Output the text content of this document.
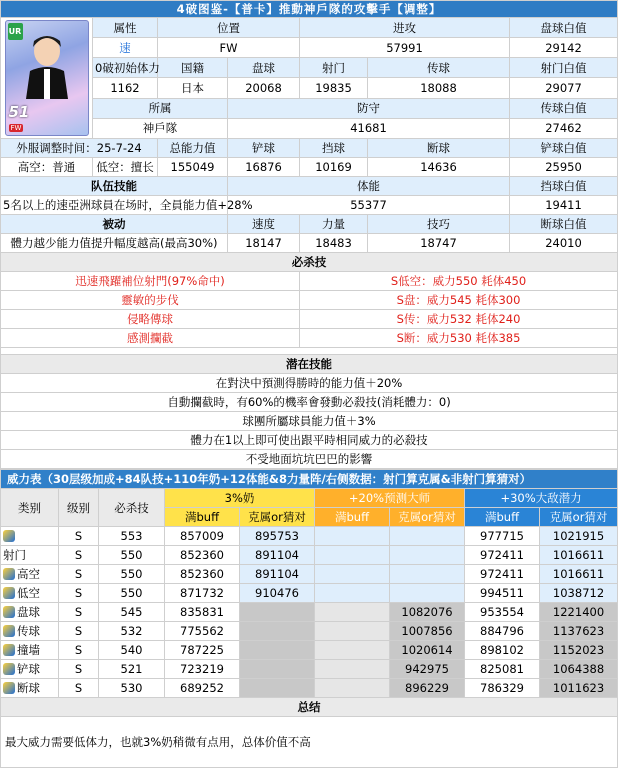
4破图鉴-【普卡】推動神戶隊的攻擊手【调整】						

UR
51
FW	属性	位置		进攻		盘球白值
	速	FW		57991		29142
	0破初始体力	国籍	盘球	射门	传球	射门白值
	1162	日本	20068	19835	18088	29077
	所属		防守			传球白值
	神戶隊		41681			27462
外服调整时间：25-7-24		总能力值	铲球	挡球	断球	铲球白值
高空：普通	低空：擅长	155049	16876	10169	14636	25950
队伍技能			体能			挡球白值
5名以上的速亞洲球員在场时，全員能力值+28%			55377			19411
被动			速度	力量	技巧	断球白值
體力越少能力值提升幅度越高(最高30%)			18147	18483	18747	24010
必杀技						
迅速飛躍補位射門(97%命中)				S低空：威力550 耗体450		
靈敏的步伐				S盘：威力545 耗体300		
侵略傳球				S传：威力532 耗体240		
感測攔截				S断：威力530 耗体385		

潜在技能						
在對決中預測得勝時的能力值＋20%						
自動攔截時，有60%的機率會發動必殺技(消耗體力：0)						
球團所屬球員能力值＋3%						
體力在1以上即可使出跟平時相同威力的必殺技						
不受地面坑坑巴巴的影響						
威力表（30层级加成+84队技+110年奶+12体能&8力量阵/右侧数据：射门算克属&非射门算猜对）								
类别	级别	必杀技	3%奶		+20%预测大师		+30%大敌潜力	
			满buff	克属or猜对	满buff	克属or猜对	满buff	克属or猜对
	S	553	857009	895753			977715	1021915
射门	S	550	852360	891104			972411	1016611
高空	S	550	852360	891104			972411	1016611
低空	S	550	871732	910476			994511	1038712
盘球	S	545	835831			1082076	953554	1221400
传球	S	532	775562			1007856	884796	1137623
撞墙	S	540	787225			1020614	898102	1152023
铲球	S	521	723219			942975	825081	1064388
断球	S	530	689252			896229	786329	1011623
总结								
最大威力需要低体力，也就3%奶稍微有点用，总体价值不高								
